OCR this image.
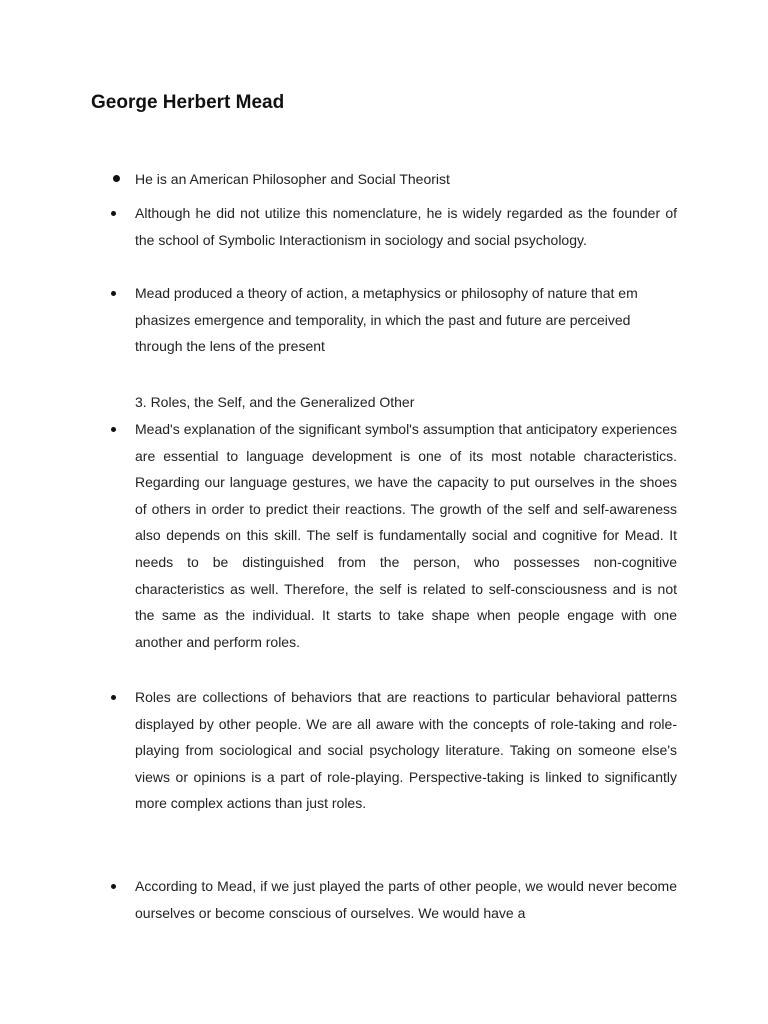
George Herbert Mead
He is an American Philosopher and Social Theorist
Although he did not utilize this nomenclature, he is widely regarded as the founder of the school of Symbolic Interactionism in sociology and social psychology.
Mead produced a theory of action, a metaphysics or philosophy of nature that em phasizes emergence and temporality, in which the past and future are perceived through the lens of the present
3. Roles, the Self, and the Generalized Other
Mead's explanation of the significant symbol's assumption that anticipatory experiences are essential to language development is one of its most notable characteristics. Regarding our language gestures, we have the capacity to put ourselves in the shoes of others in order to predict their reactions. The growth of the self and self-awareness also depends on this skill. The self is fundamentally social and cognitive for Mead. It needs to be distinguished from the person, who possesses non-cognitive characteristics as well. Therefore, the self is related to self-consciousness and is not the same as the individual. It starts to take shape when people engage with one another and perform roles.
Roles are collections of behaviors that are reactions to particular behavioral patterns displayed by other people. We are all aware with the concepts of role-taking and role-playing from sociological and social psychology literature. Taking on someone else's views or opinions is a part of role-playing. Perspective-taking is linked to significantly more complex actions than just roles.
According to Mead, if we just played the parts of other people, we would never become ourselves or become conscious of ourselves. We would have a
